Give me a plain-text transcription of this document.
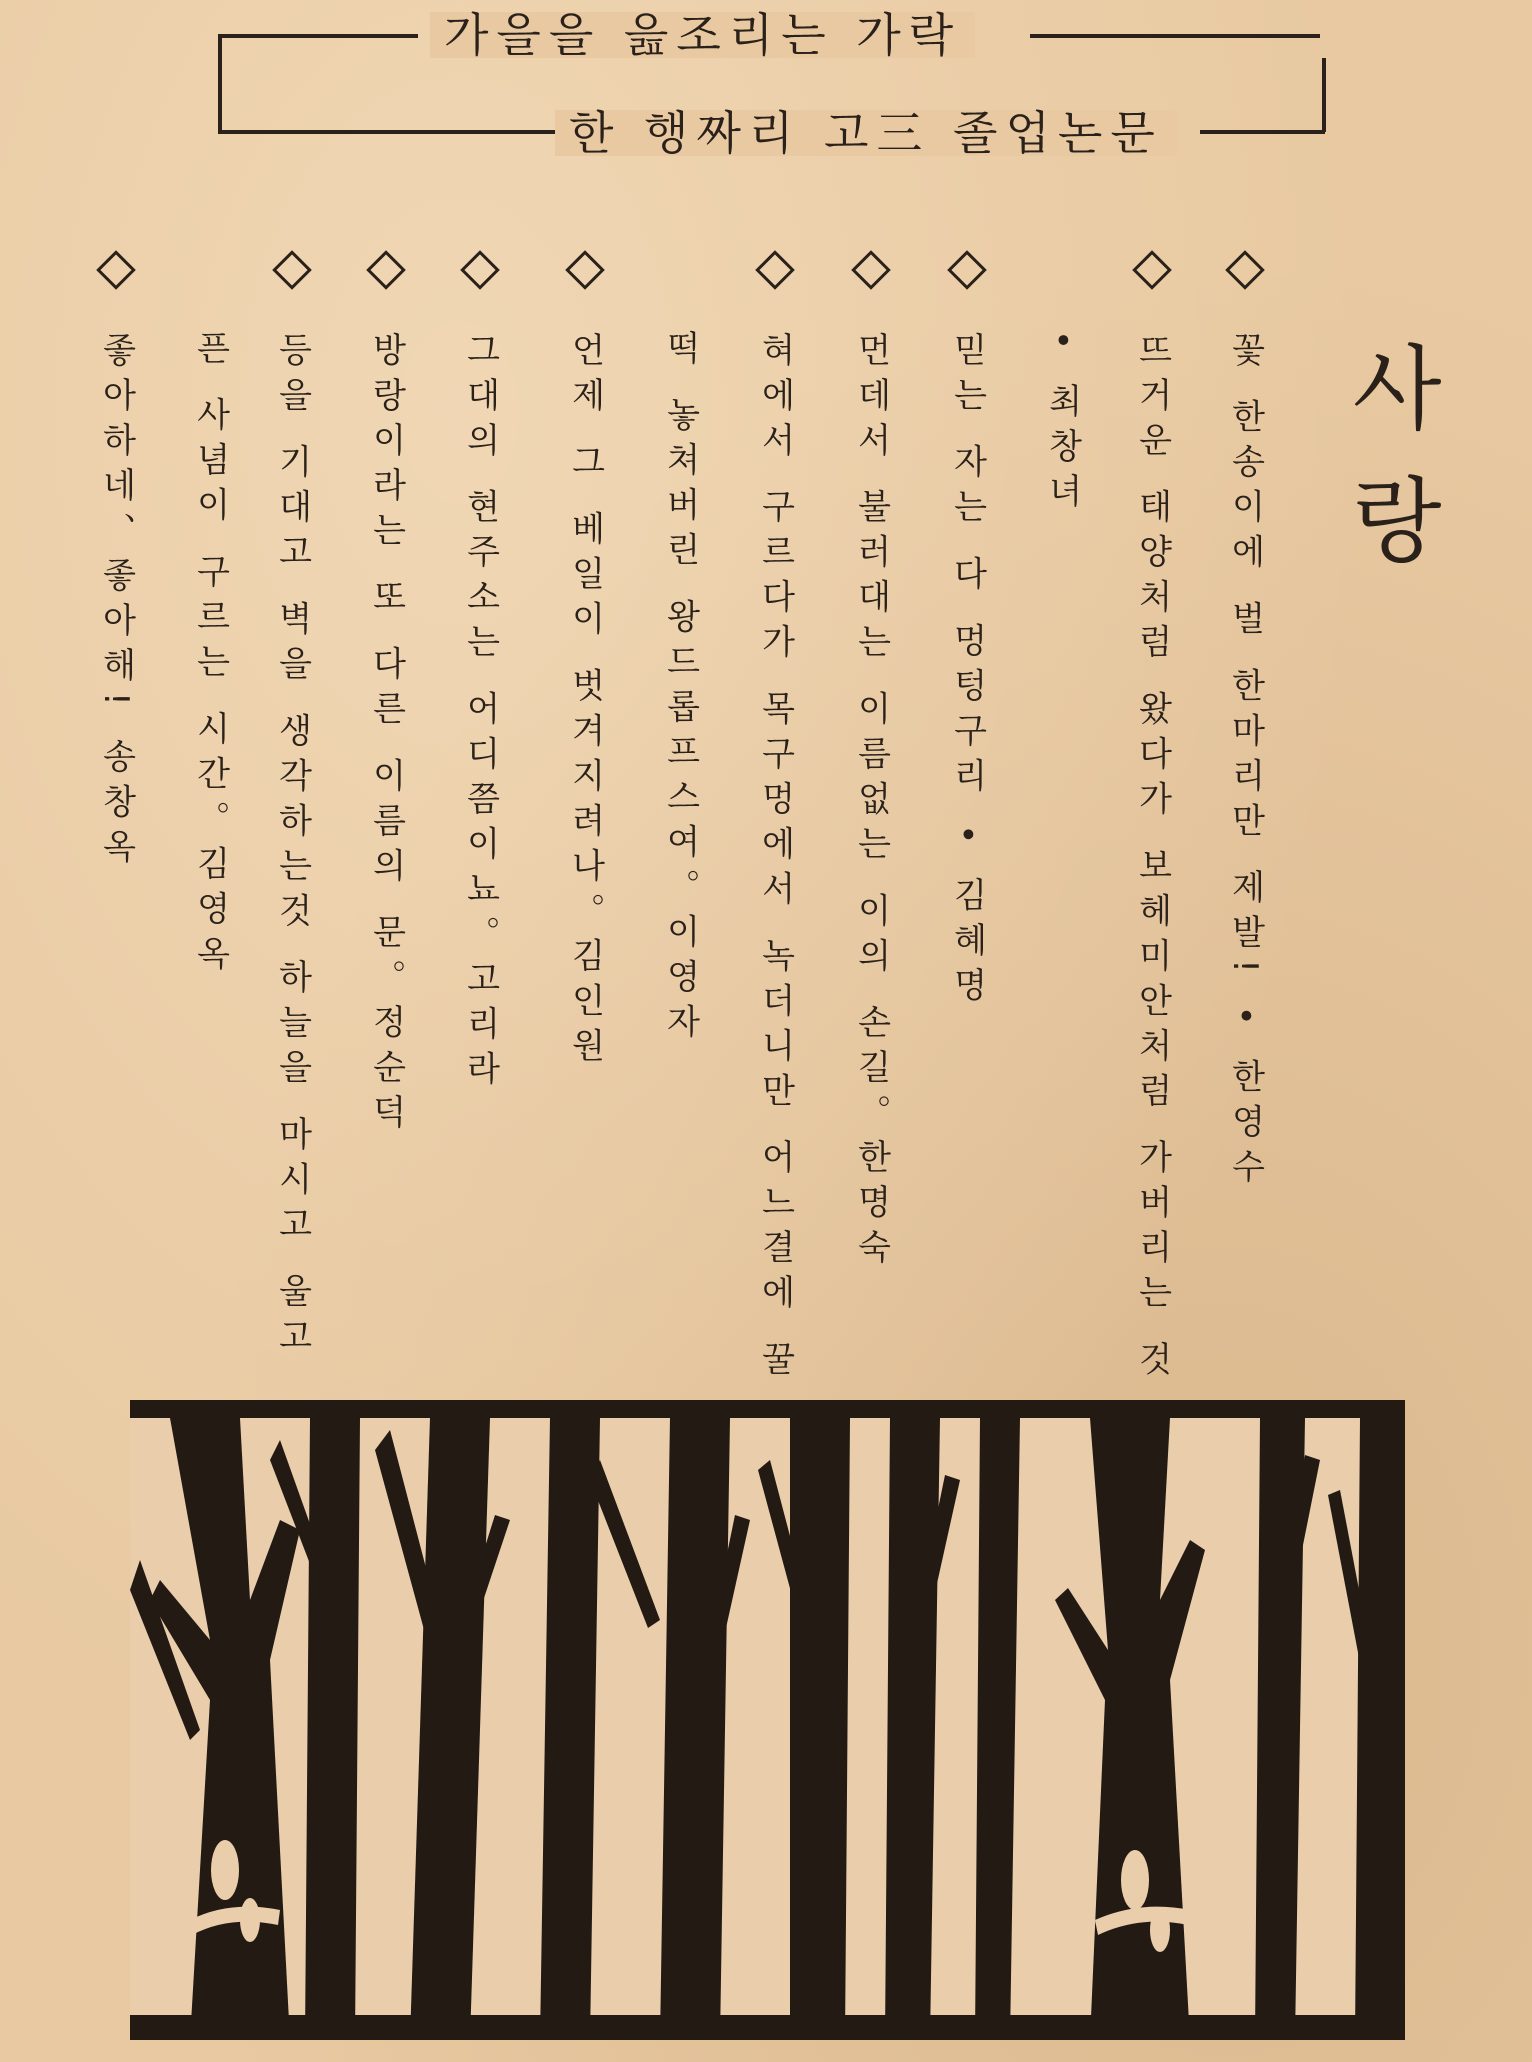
가을을 읊조리는 가락
한 행짜리 고三 졸업논문
사랑
꽃 한송이에 벌 한마리만 제발! • 한영수
뜨거운 태양처럼 왔다가 보헤미안처럼 가버리는 것
• 최창녀
믿는 자는 다 멍텅구리 • 김혜명
먼데서 불러대는 이름없는 이의 손길。한명숙
혀에서 구르다가 목구멍에서 녹더니만 어느결에 꿀
떡 놓쳐버린 왕드롭프스여。이영자
언제 그 베일이 벗겨지려나。김인원
그대의 현주소는 어디쯤이뇨。고리라
방랑이라는 또 다른 이름의 문。정순덕
등을 기대고 벽을 생각하는것 하늘을 마시고 울고
픈 사념이 구르는 시간。김영옥
좋아하네、좋아해! 송창옥
